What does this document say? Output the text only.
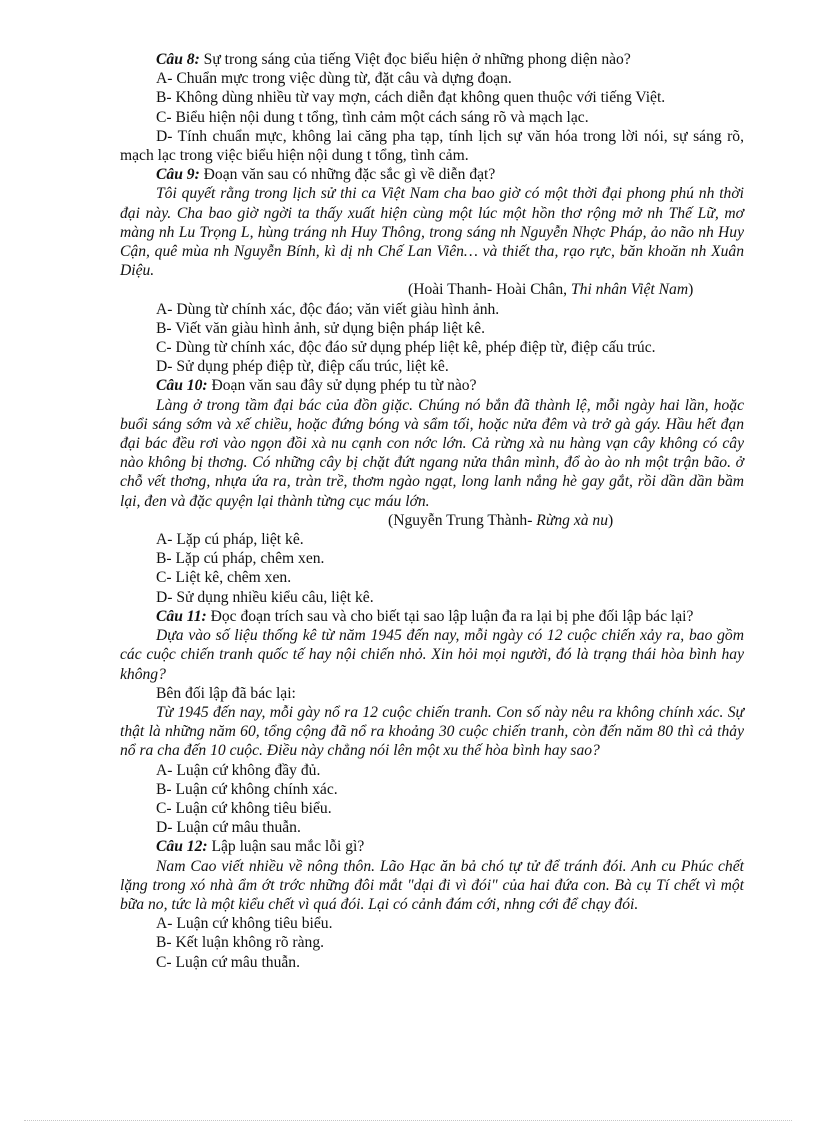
Câu 8: Sự trong sáng của tiếng Việt đọc biểu hiện ở những phong diện nào?

A- Chuẩn mực trong việc dùng từ, đặt câu và dựng đoạn.

B- Không dùng nhiều từ vay mợn, cách diễn đạt không quen thuộc với tiếng Việt.

C- Biểu hiện nội dung t tổng, tình cảm một cách sáng rõ và mạch lạc.

D- Tính chuẩn mực, không lai căng pha tạp, tính lịch sự văn hóa trong lời nói, sự sáng rõ, mạch lạc trong việc biểu hiện nội dung t tổng, tình cảm.

Câu 9: Đoạn văn sau có những đặc sắc gì về diễn đạt?

Tôi quyết rằng trong lịch sử thi ca Việt Nam cha bao giờ có một thời đại phong phú nh thời đại này. Cha bao giờ ngời ta thấy xuất hiện cùng một lúc một hồn thơ rộng mở nh Thế Lữ, mơ màng nh Lu Trọng L, hùng tráng nh Huy Thông, trong sáng nh Nguyễn Nhợc Pháp, ảo não nh Huy Cận, quê mùa nh Nguyễn Bính, kì dị nh Chế Lan Viên… và thiết tha, rạo rực, băn khoăn nh Xuân Diệu.

(Hoài Thanh- Hoài Chân, Thi nhân Việt Nam)

A- Dùng từ chính xác, độc đáo; văn viết giàu hình ảnh.

B- Viết văn giàu hình ảnh, sử dụng biện pháp liệt kê.

C- Dùng từ chính xác, độc đáo sử dụng phép liệt kê, phép điệp từ, điệp cấu trúc.

D- Sử dụng phép điệp từ, điệp cấu trúc, liệt kê.

Câu 10: Đoạn văn sau đây sử dụng phép tu từ nào?

Làng ở trong tầm đại bác của đồn giặc. Chúng nó bắn đã thành lệ, mỗi ngày hai lần, hoặc buổi sáng sớm và xế chiều, hoặc đứng bóng và sẩm tối, hoặc nửa đêm và trở gà gáy. Hầu hết đạn đại bác đều rơi vào ngọn đồi xà nu cạnh con nớc lớn. Cả rừng xà nu hàng vạn cây không có cây nào không bị thơng. Có những cây bị chặt đứt ngang nửa thân mình, đổ ào ào nh một trận bão. ở chỗ vết thơng, nhựa ứa ra, tràn trề, thơm ngào ngạt, long lanh nắng hè gay gắt, rồi dần dần bầm lại, đen và đặc quyện lại thành từng cục máu lớn.

(Nguyễn Trung Thành- Rừng xà nu)

A- Lặp cú pháp, liệt kê.

B- Lặp cú pháp, chêm xen.

C- Liệt kê, chêm xen.

D- Sử dụng nhiều kiểu câu, liệt kê.

Câu 11: Đọc đoạn trích sau và cho biết tại sao lập luận đa ra lại bị phe đối lập bác lại?

Dựa vào số liệu thống kê từ năm 1945 đến nay, mỗi ngày có 12 cuộc chiến xảy ra, bao gồm các cuộc chiến tranh quốc tế hay nội chiến nhỏ. Xin hỏi mọi người, đó là trạng thái hòa bình hay không?

Bên đối lập đã bác lại:

Từ 1945 đến nay, mỗi gày nổ ra 12 cuộc chiến tranh. Con số này nêu ra không chính xác. Sự thật là những năm 60, tổng cộng đã nổ ra khoảng 30 cuộc chiến tranh, còn đến năm 80 thì cả thảy nổ ra cha đến 10 cuộc. Điều này chẳng nói lên một xu thế hòa bình hay sao?

A- Luận cứ không đầy đủ.

B- Luận cứ không chính xác.

C- Luận cứ không tiêu biểu.

D- Luận cứ mâu thuẫn.

Câu 12: Lập luận sau mắc lỗi gì?

Nam Cao viết nhiều về nông thôn. Lão Hạc ăn bả chó tự tử để tránh đói. Anh cu Phúc chết lặng trong xó nhà ẩm ớt trớc những đôi mắt "dại đi vì đói" của hai đứa con. Bà cụ Tí chết vì một bữa no, tức là một kiểu chết vì quá đói. Lại có cảnh đám cới, nhng cới để chạy đói.

A- Luận cứ không tiêu biểu.

B- Kết luận không rõ ràng.

C- Luận cứ mâu thuẫn.
